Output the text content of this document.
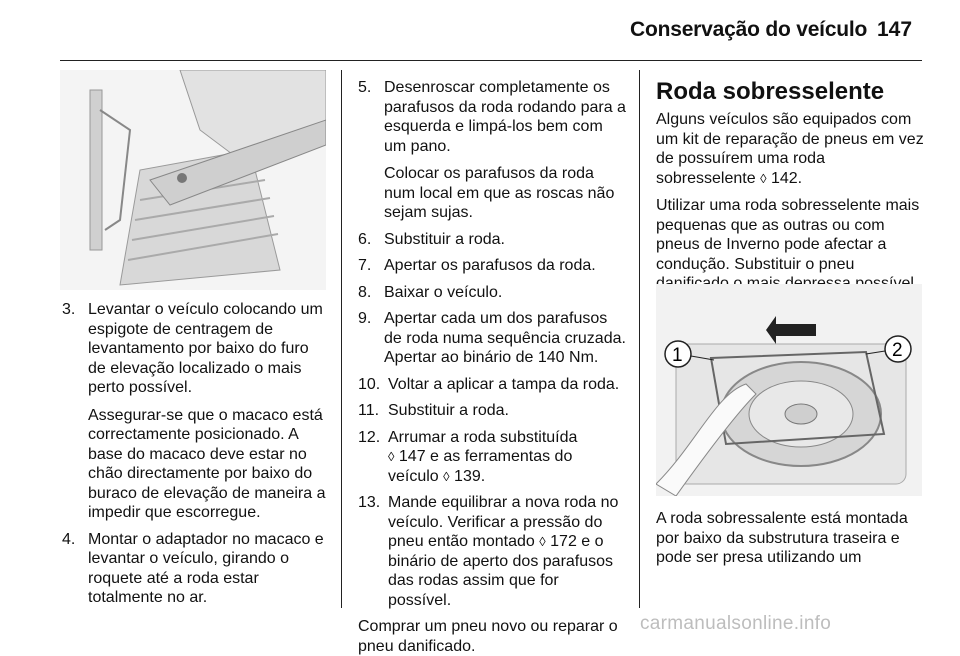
Conservação do veículo 147
3. Levantar o veículo colocando um espigote de centragem de levantamento por baixo do furo de elevação localizado o mais perto possível.
Assegurar-se que o macaco está correctamente posicionado. A base do macaco deve estar no chão directamente por baixo do buraco de elevação de maneira a impedir que escorregue.
4. Montar o adaptador no macaco e levantar o veículo, girando o roquete até a roda estar totalmente no ar.
5. Desenroscar completamente os parafusos da roda rodando para a esquerda e limpá-los bem com um pano.
Colocar os parafusos da roda num local em que as roscas não sejam sujas.
6. Substituir a roda.
7. Apertar os parafusos da roda.
8. Baixar o veículo.
9. Apertar cada um dos parafusos de roda numa sequência cruzada. Apertar ao binário de 140 Nm.
10. Voltar a aplicar a tampa da roda.
11. Substituir a roda.
12. Arrumar a roda substituída
◊ 147 e as ferramentas do veículo ◊ 139.
13. Mande equilibrar a nova roda no veículo. Verificar a pressão do pneu então montado ◊ 172 e o binário de aperto dos parafusos das rodas assim que for possível.

Comprar um pneu novo ou reparar o pneu danificado.

Roda sobresselente

Alguns veículos são equipados com um kit de reparação de pneus em vez de possuírem uma roda sobresselente ◊ 142.

Utilizar uma roda sobresselente mais pequenas que as outras ou com pneus de Inverno pode afectar a condução. Substituir o pneu

1	2

A roda sobressalente está montada por baixo da substrutura traseira e pode ser presa utilizando um

carmanualsonline.info
